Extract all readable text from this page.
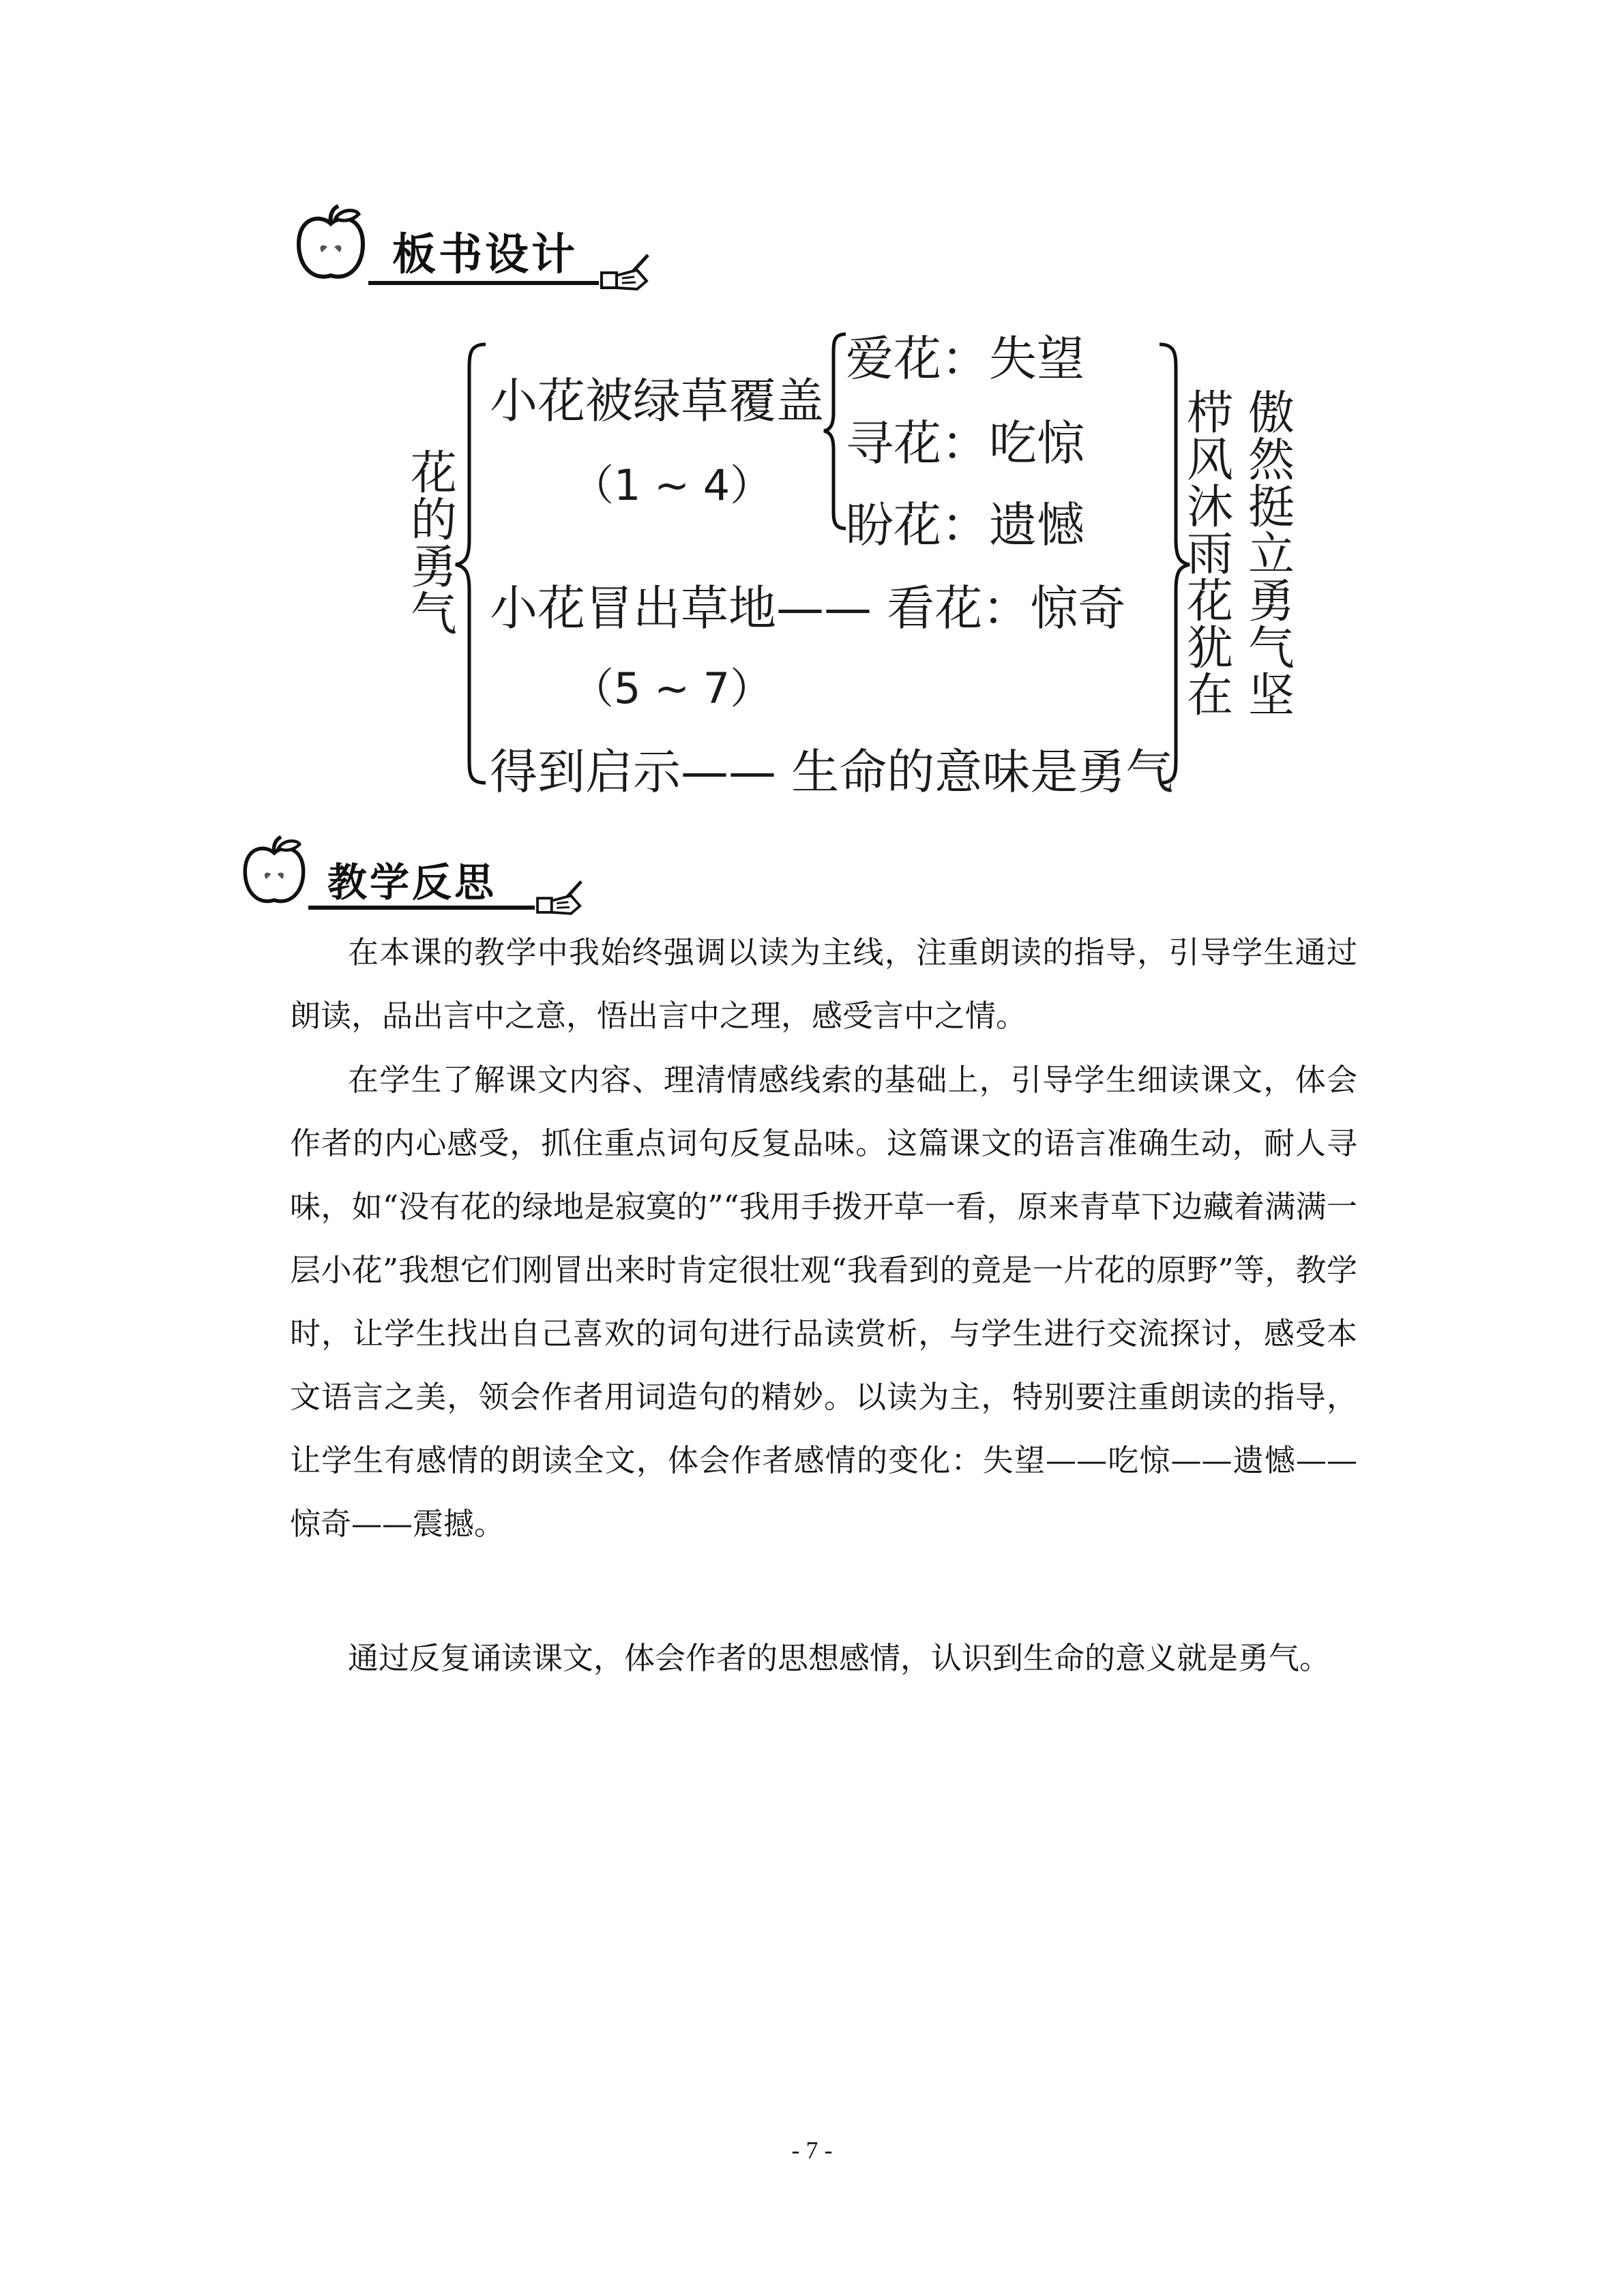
板书设计
花
的
勇
气
小花被绿草覆盖
（1 ~ 4）
爱花：失望
寻花：吃惊
盼花：遗憾
小花冒出草地—— 看花：惊奇
（5 ~ 7）
得到启示—— 生命的意味是勇气
栉
风
沐
雨
花
犹
在
傲
然
挺
立
勇
气
坚
教学反思
在本课的教学中我始终强调以读为主线，注重朗读的指导，引导学生通过朗读，品出言中之意，悟出言中之理，感受言中之情。
在学生了解课文内容、理清情感线索的基础上，引导学生细读课文，体会作者的内心感受，抓住重点词句反复品味。这篇课文的语言准确生动，耐人寻味，如“没有花的绿地是寂寞的”“我用手拨开草一看，原来青草下边藏着满满一层小花”我想它们刚冒出来时肯定很壮观“我看到的竟是一片花的原野”等，教学时，让学生找出自己喜欢的词句进行品读赏析，与学生进行交流探讨，感受本文语言之美，领会作者用词造句的精妙。以读为主，特别要注重朗读的指导，让学生有感情的朗读全文，体会作者感情的变化：失望——吃惊——遗憾——惊奇——震撼。
通过反复诵读课文，体会作者的思想感情，认识到生命的意义就是勇气。
- 7 -
